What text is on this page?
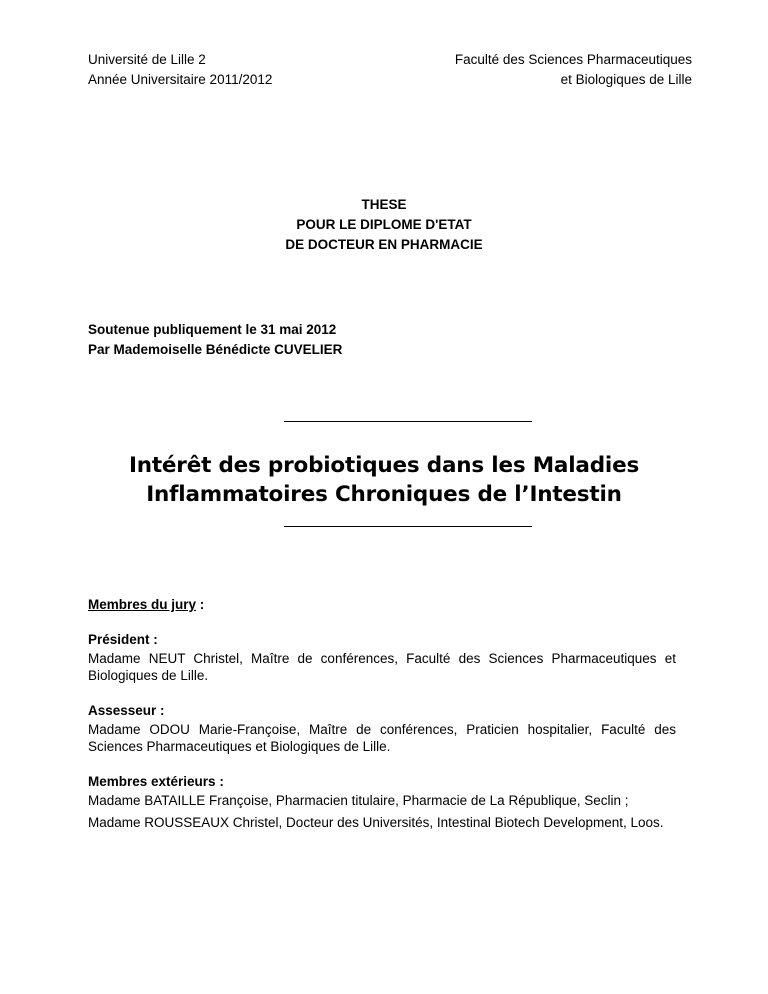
Université de Lille 2
Année Universitaire 2011/2012
Faculté des Sciences Pharmaceutiques
et Biologiques de Lille
THESE
POUR LE DIPLOME D'ETAT
DE DOCTEUR EN PHARMACIE
Soutenue publiquement le 31 mai 2012
Par Mademoiselle Bénédicte CUVELIER
Intérêt des probiotiques dans les Maladies
Inflammatoires Chroniques de l’Intestin

Membres du jury :

Président :

Madame NEUT Christel, Maître de conférences, Faculté des Sciences Pharmaceutiques et Biologiques de Lille.

Assesseur :

Madame ODOU Marie-Françoise, Maître de conférences, Praticien hospitalier, Faculté des Sciences Pharmaceutiques et Biologiques de Lille.

Membres extérieurs :

Madame BATAILLE Françoise, Pharmacien titulaire, Pharmacie de La République, Seclin ;

Madame ROUSSEAUX Christel, Docteur des Universités, Intestinal Biotech Development, Loos.
